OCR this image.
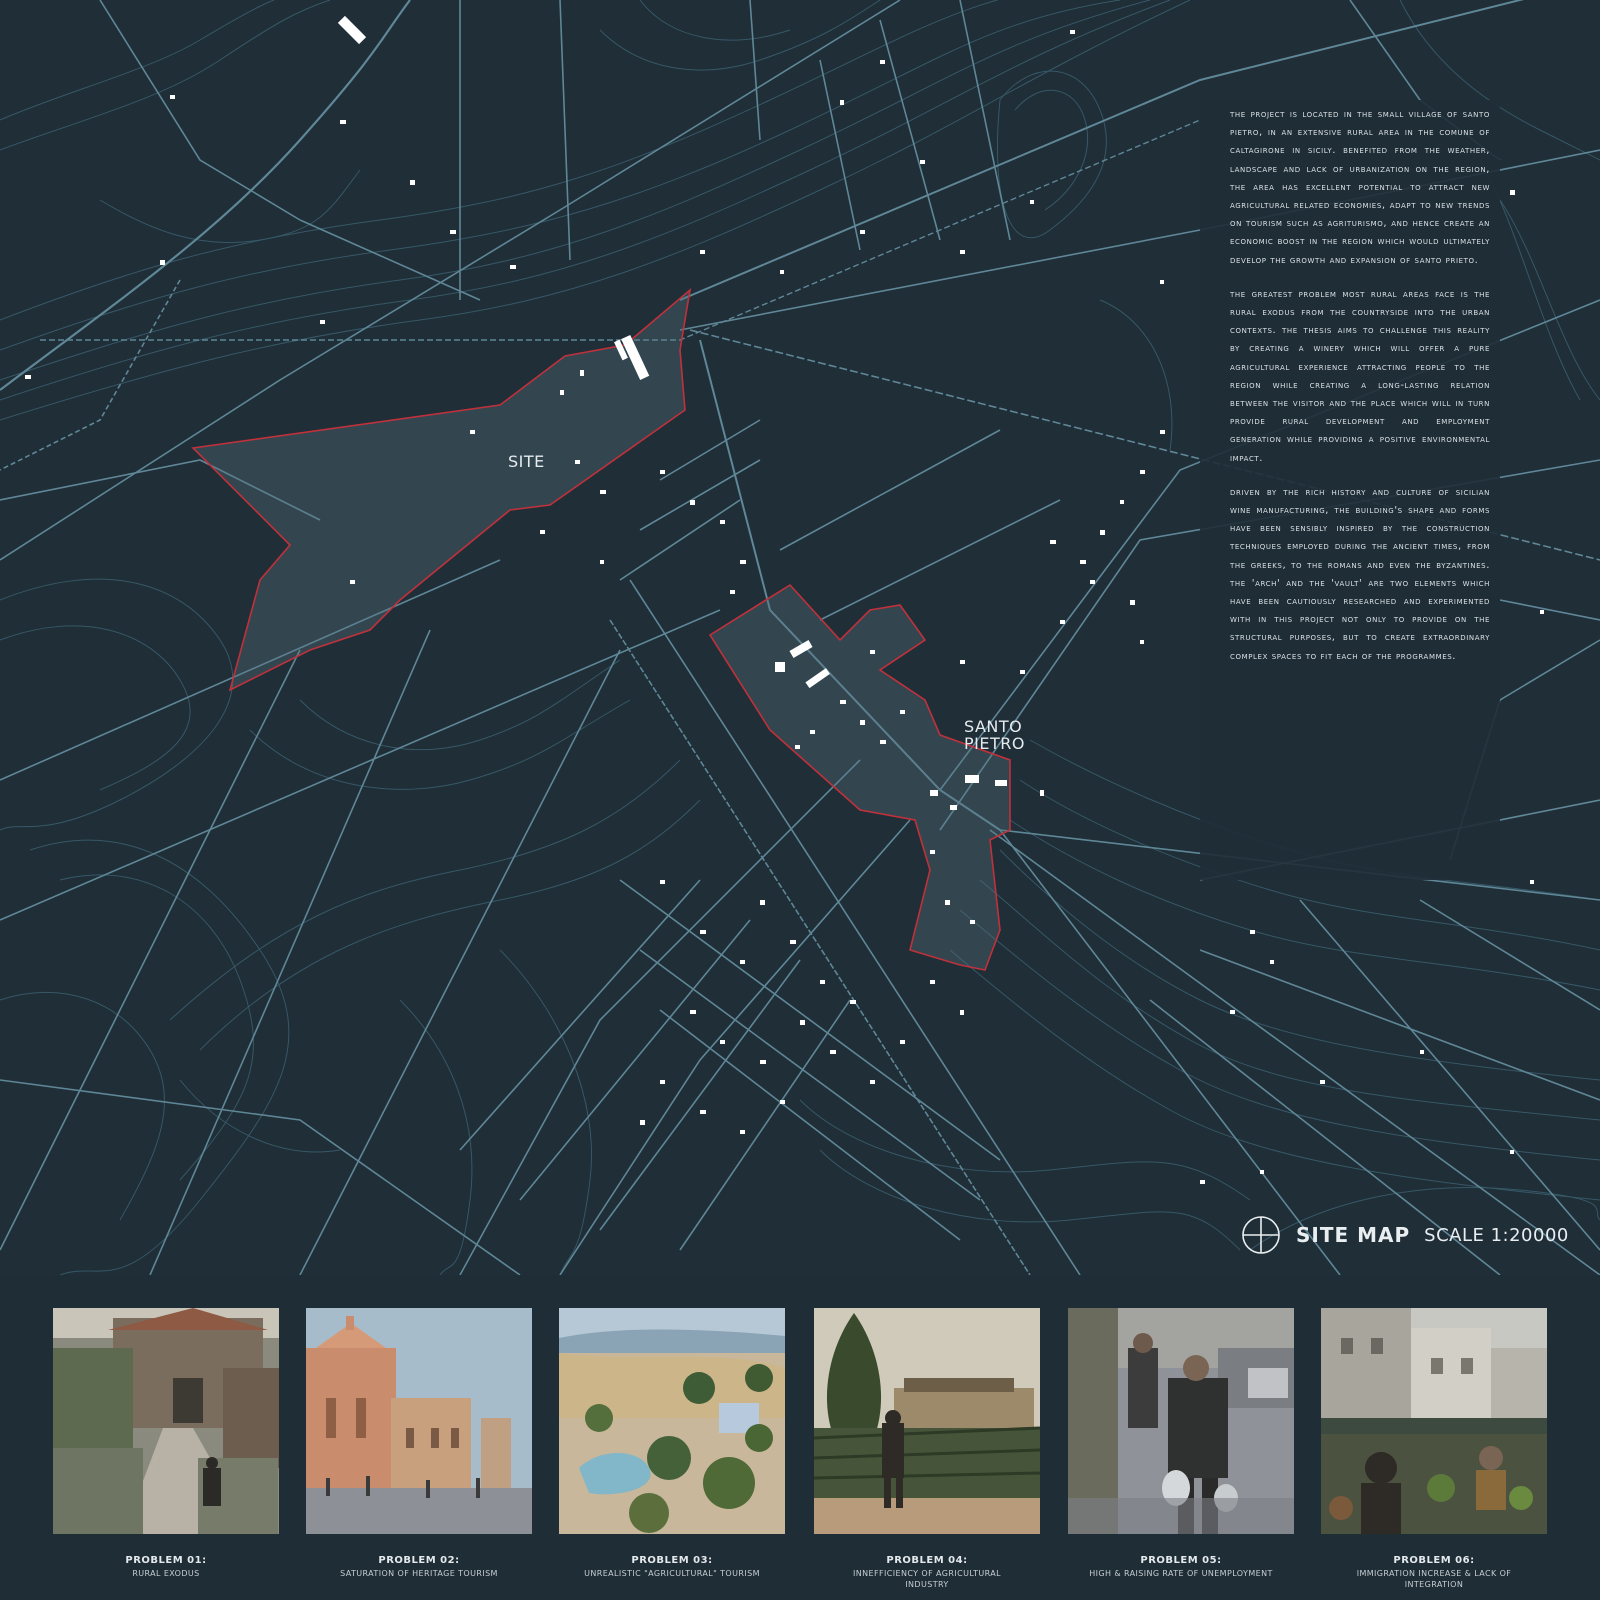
SITE
SANTO
PIETRO

the project is located in the small village of santo pietro, in an extensive rural area in the comune of caltagirone in sicily. benefited from the weather, landscape and lack of urbanization on the region, the area has excellent potential to attract new agricultural related economies, adapt to new trends on tourism such as agriturismo, and hence create an economic boost in the region which would ultimately develop the growth and expansion of santo prieto.

the greatest problem most rural areas face is the rural exodus from the countryside into the urban contexts. the thesis aims to challenge this reality by creating a winery which will offer a pure agricultural experience attracting people to the region while creating a long-lasting relation between the visitor and the place which will in turn provide rural development and employment generation while providing a positive environmental impact.

driven by the rich history and culture of sicilian wine manufacturing, the building's shape and forms have been sensibly inspired by the construction techniques employed during the ancient times, from the greeks, to the romans and even the byzantines. the 'arch' and the 'vault' are two elements which have been cautiously researched and experimented with in this project not only to provide on the structural purposes, but to create extraordinary complex spaces to fit each of the programmes.

SITE MAP SCALE 1:20000
PROBLEM 01:
RURAL EXODUS
PROBLEM 02:
SATURATION OF HERITAGE TOURISM
PROBLEM 03:
UNREALISTIC "AGRICULTURAL" TOURISM
PROBLEM 04:
INNEFFICIENCY OF AGRICULTURAL INDUSTRY
PROBLEM 05:
HIGH & RAISING RATE OF UNEMPLOYMENT
PROBLEM 06:
IMMIGRATION INCREASE & LACK OF INTEGRATION
